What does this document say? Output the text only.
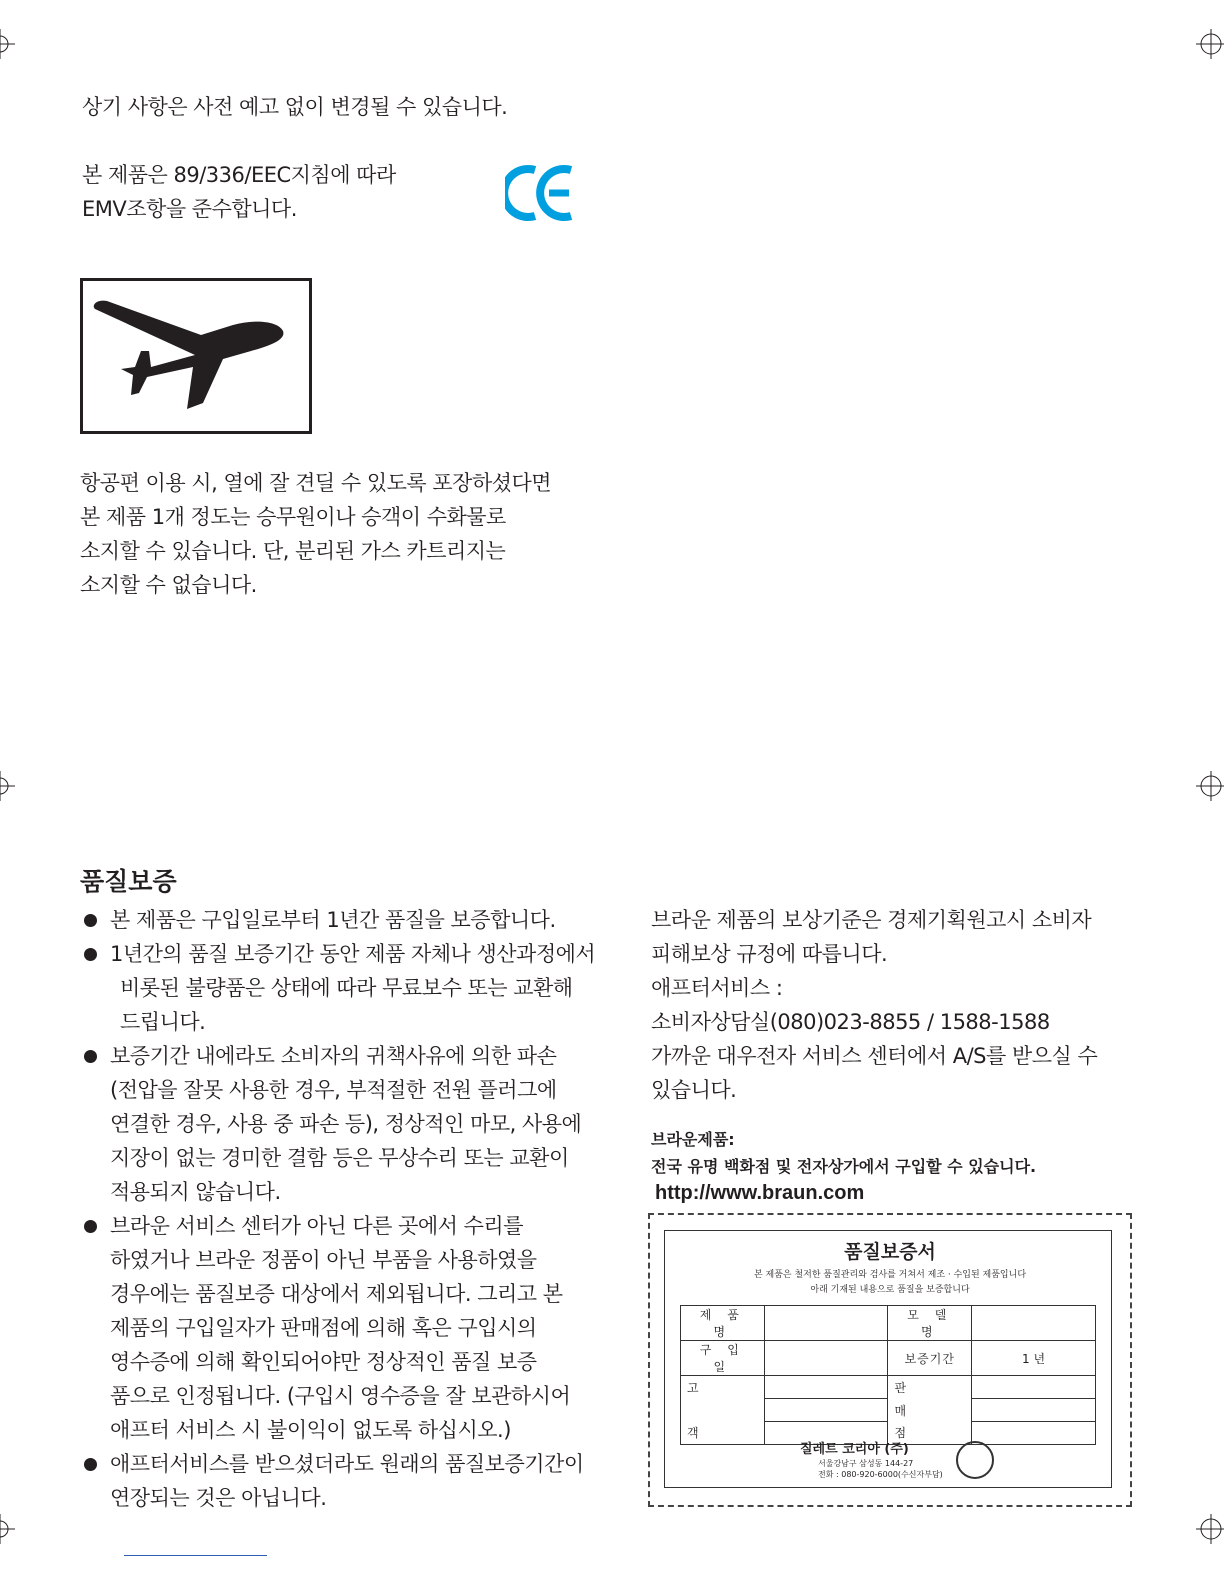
상기 사항은 사전 예고 없이 변경될 수 있습니다.
본 제품은 89/336/EEC지침에 따라
EMV조항을 준수합니다.
항공편 이용 시, 열에 잘 견딜 수 있도록 포장하셨다면
본 제품 1개 정도는 승무원이나 승객이 수화물로
소지할 수 있습니다. 단, 분리된 가스 카트리지는
소지할 수 없습니다.
품질보증
본 제품은 구입일로부터 1년간 품질을 보증합니다.
1년간의 품질 보증기간 동안 제품 자체나 생산과정에서
비롯된 불량품은 상태에 따라 무료보수 또는 교환해
드립니다.
보증기간 내에라도 소비자의 귀책사유에 의한 파손
(전압을 잘못 사용한 경우, 부적절한 전원 플러그에
연결한 경우, 사용 중 파손 등), 정상적인 마모, 사용에
지장이 없는 경미한 결함 등은 무상수리 또는 교환이
적용되지 않습니다.
브라운 서비스 센터가 아닌 다른 곳에서 수리를
하였거나 브라운 정품이 아닌 부품을 사용하였을
경우에는 품질보증 대상에서 제외됩니다. 그리고 본
제품의 구입일자가 판매점에 의해 혹은 구입시의
영수증에 의해 확인되어야만 정상적인 품질 보증
품으로 인정됩니다. (구입시 영수증을 잘 보관하시어
애프터 서비스 시 불이익이 없도록 하십시오.)
애프터서비스를 받으셨더라도 원래의 품질보증기간이
연장되는 것은 아닙니다.
브라운 제품의 보상기준은 경제기획원고시 소비자
피해보상 규정에 따릅니다.
애프터서비스 :
소비자상담실(080)023-8855 / 1588-1588
가까운 대우전자 서비스 센터에서 A/S를 받으실 수
있습니다.
브라운제품:
전국 유명 백화점 및 전자상가에서 구입할 수 있습니다.
http://www.braun.com
품질보증서
본 제품은 철저한 품질관리와 검사를 거쳐서 제조 · 수입된 제품입니다
아래 기재된 내용으로 품질을 보증합니다
제 품 명		모 델 명	
구 입 일		보증기간	1 년
고		판	
		매	
객		점	
질레트 코리아 (주)
서울강남구 삼성동 144-27
전화 : 080-920-6000(수신자부담)
